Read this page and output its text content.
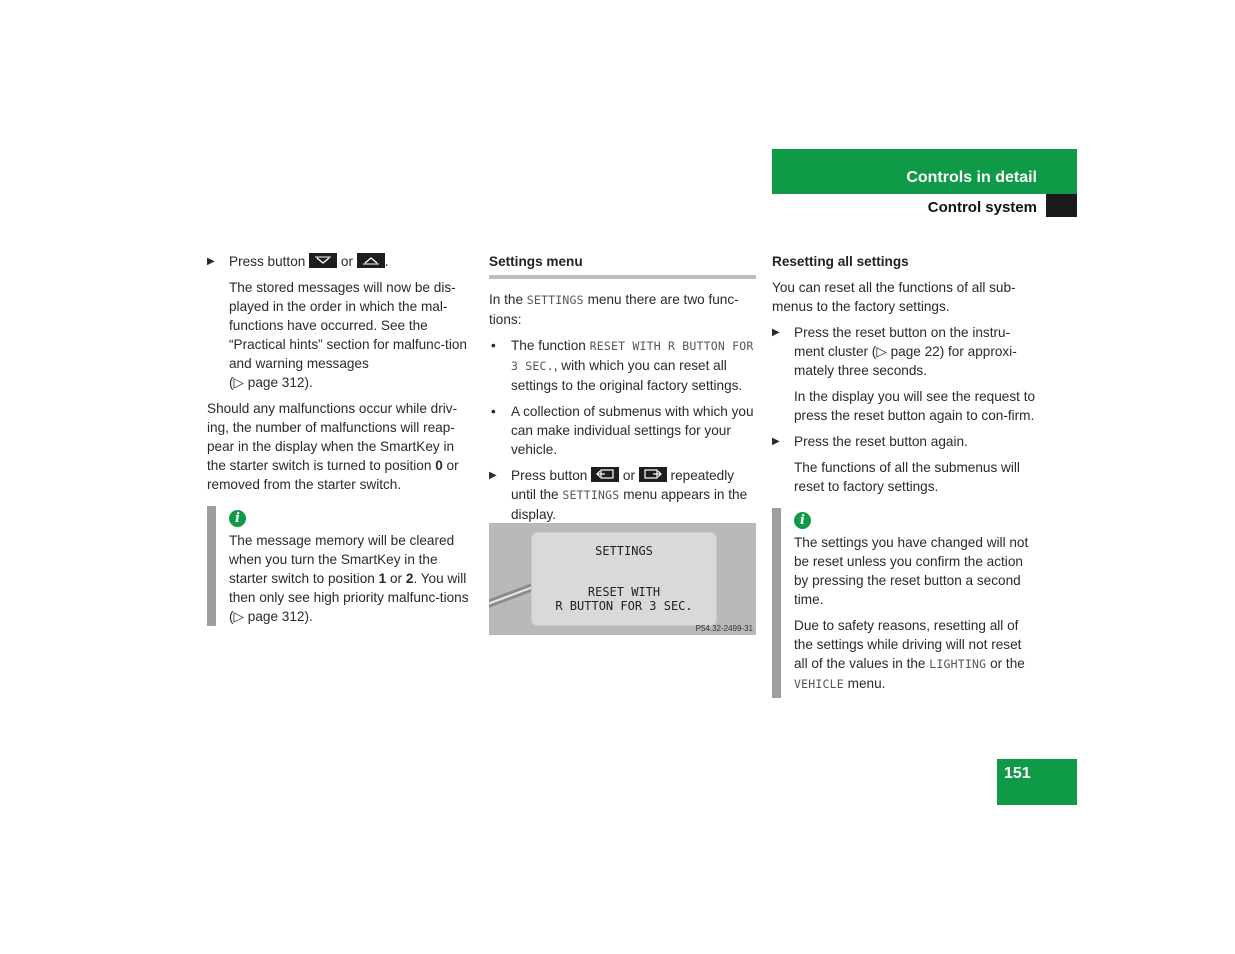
Controls in detail
Control system

▶ Press button	or .

The stored messages will now be dis-played in the order in which the mal-functions have occurred. See the “Practical hints” section for malfunc-tion and warning messages
(▷ page 312).

Should any malfunctions occur while driv-ing, the number of malfunctions will reap-pear in the display when the SmartKey in the starter switch is turned to position 0 or removed from the starter switch.

i

The message memory will be cleared when you turn the SmartKey in the starter switch to position 1 or 2. You will then only see high priority malfunc-tions (▷ page 312).

Settings menu

In the SETTINGS menu there are two func-tions:

• The function RESET WITH R BUTTON FOR 3 SEC., with which you can reset all settings to the original factory settings.

• A collection of submenus with which you can make individual settings for your vehicle.

▶ Press button	or	repeatedly until the SETTINGS menu appears in the display.

SETTINGS
RESET WITH
R BUTTON FOR 3 SEC.
P54.32-2499-31
Resetting all settings

You can reset all the functions of all sub-menus to the factory settings.

▶ Press the reset button on the instru-ment cluster (▷ page 22) for approxi-mately three seconds.

In the display you will see the request to press the reset button again to con-firm.

▶ Press the reset button again.

The functions of all the submenus will reset to factory settings.

i

The settings you have changed will not be reset unless you confirm the action by pressing the reset button a second time.

Due to safety reasons, resetting all of the settings while driving will not reset all of the values in the LIGHTING or the VEHICLE menu.

151
